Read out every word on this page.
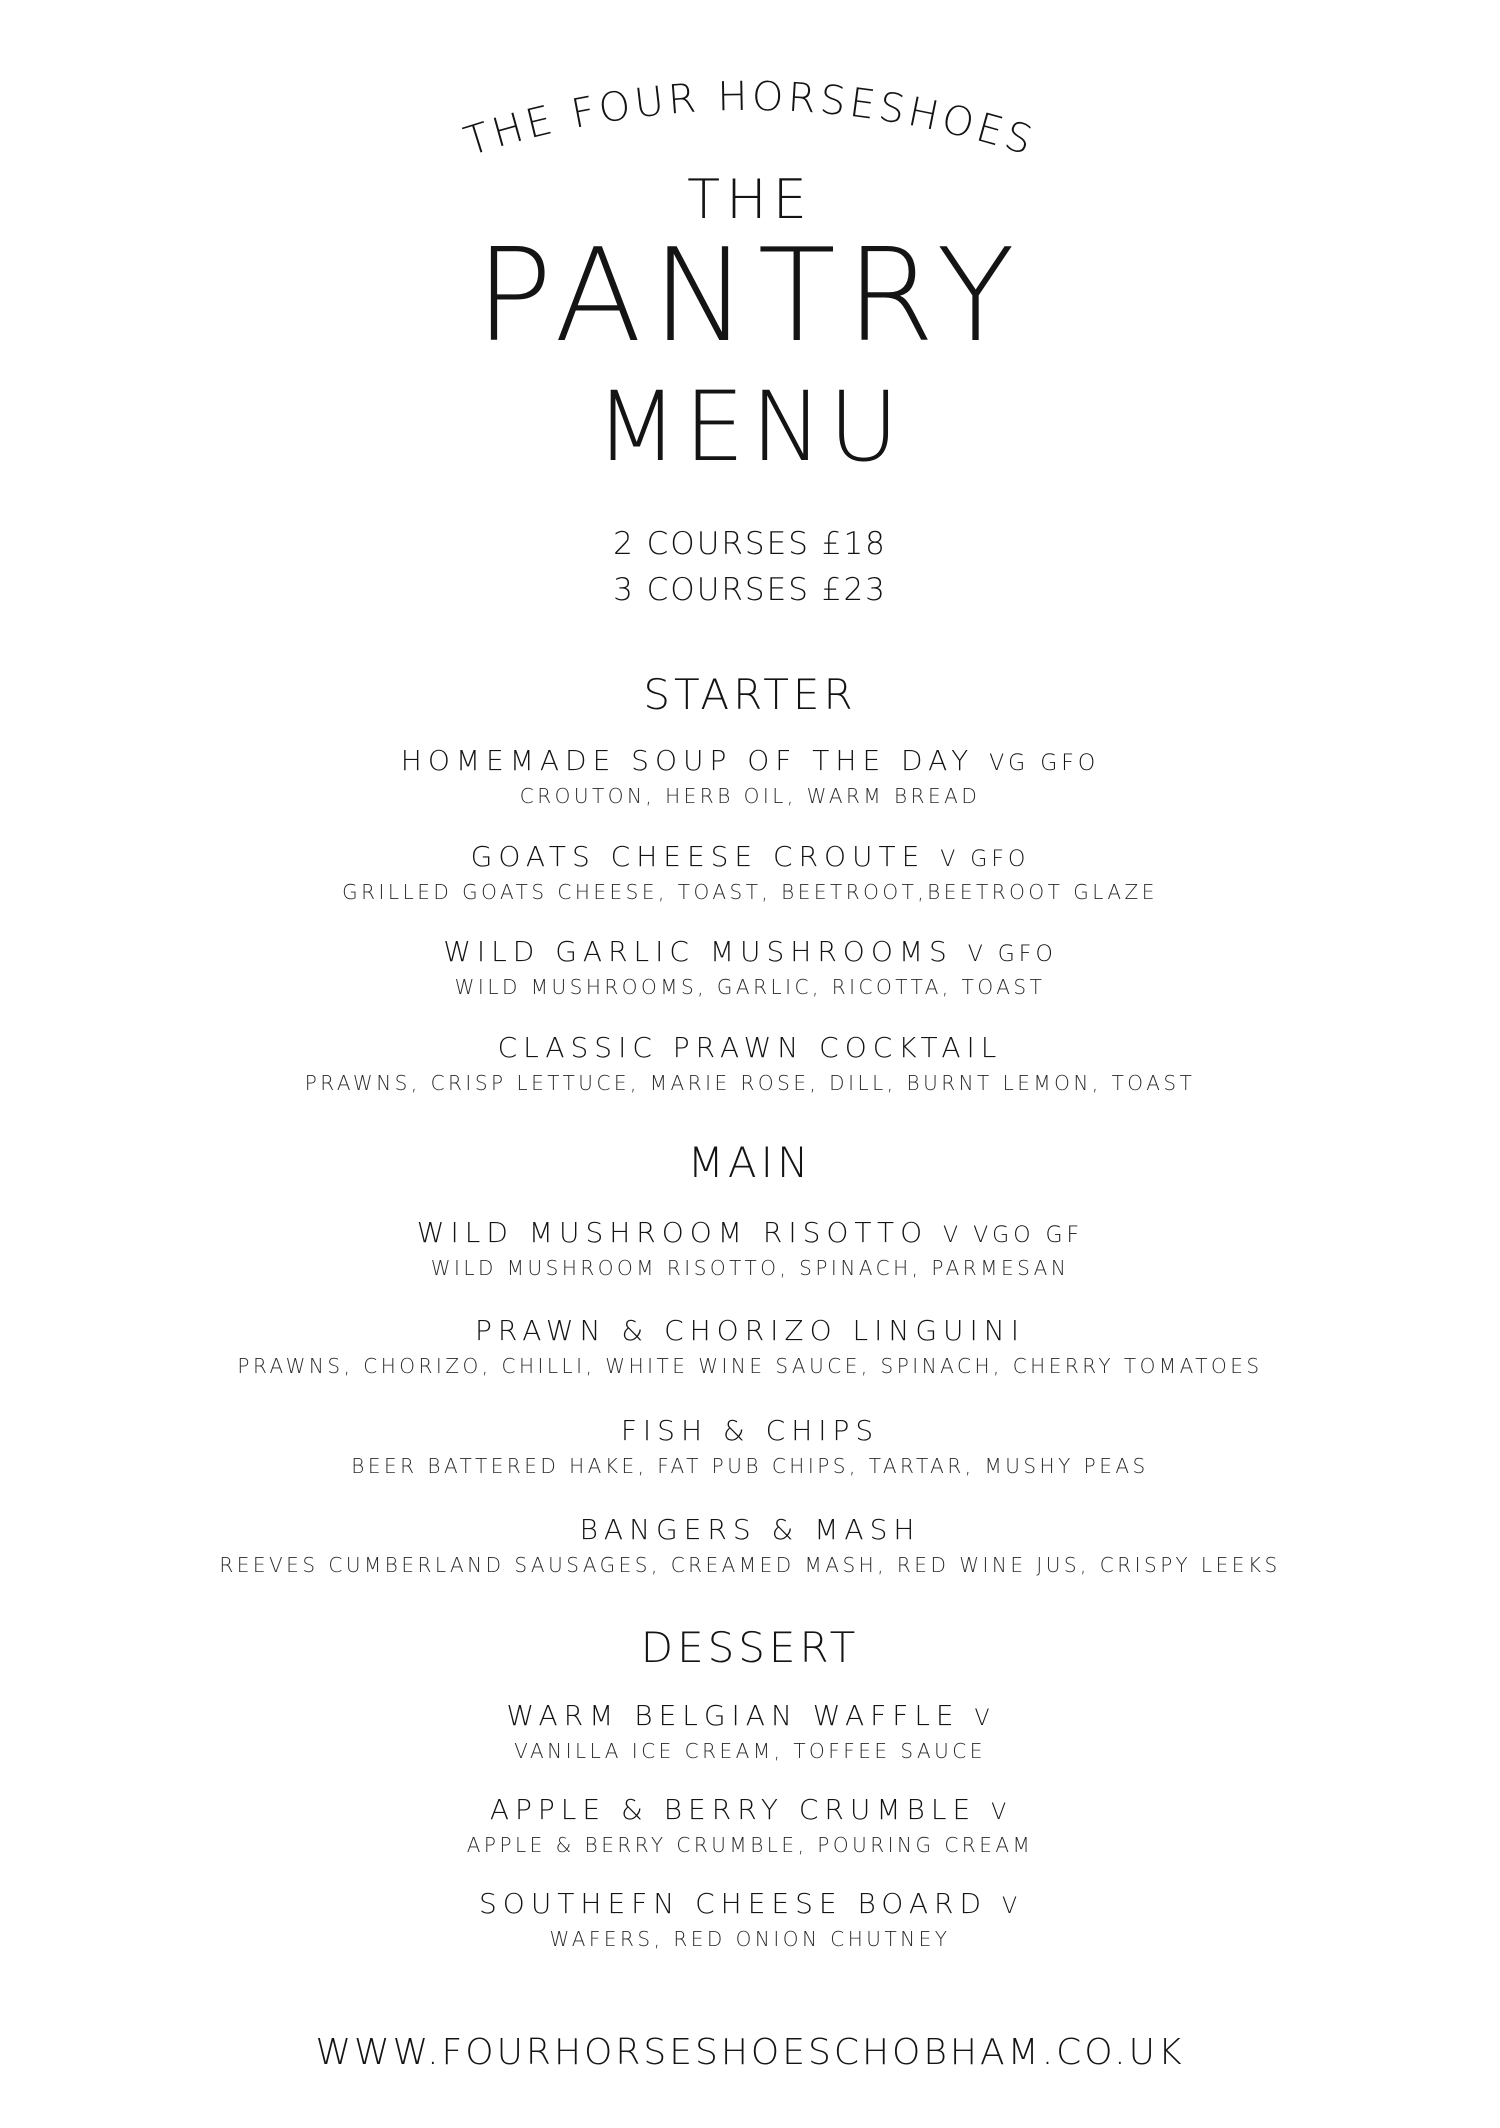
THE FOUR HORSESHOES
THE
PANTRY
MENU
2 COURSES £18
3 COURSES £23
STARTER
HOMEMADE SOUP OF THE DAY VG GFO
CROUTON, HERB OIL, WARM BREAD
GOATS CHEESE CROUTE V GFO
GRILLED GOATS CHEESE, TOAST, BEETROOT,BEETROOT GLAZE
WILD GARLIC MUSHROOMS V GFO
WILD MUSHROOMS, GARLIC, RICOTTA, TOAST
CLASSIC PRAWN COCKTAIL
PRAWNS, CRISP LETTUCE, MARIE ROSE, DILL, BURNT LEMON, TOAST
MAIN
WILD MUSHROOM RISOTTO V VGO GF
WILD MUSHROOM RISOTTO, SPINACH, PARMESAN
PRAWN & CHORIZO LINGUINI
PRAWNS, CHORIZO, CHILLI, WHITE WINE SAUCE, SPINACH, CHERRY TOMATOES
FISH & CHIPS
BEER BATTERED HAKE, FAT PUB CHIPS, TARTAR, MUSHY PEAS
BANGERS & MASH
REEVES CUMBERLAND SAUSAGES, CREAMED MASH, RED WINE JUS, CRISPY LEEKS
DESSERT
WARM BELGIAN WAFFLE V
VANILLA ICE CREAM, TOFFEE SAUCE
APPLE & BERRY CRUMBLE V
APPLE & BERRY CRUMBLE, POURING CREAM
SOUTHEFN CHEESE BOARD V
WAFERS, RED ONION CHUTNEY
WWW.FOURHORSESHOESCHOBHAM.CO.UK
